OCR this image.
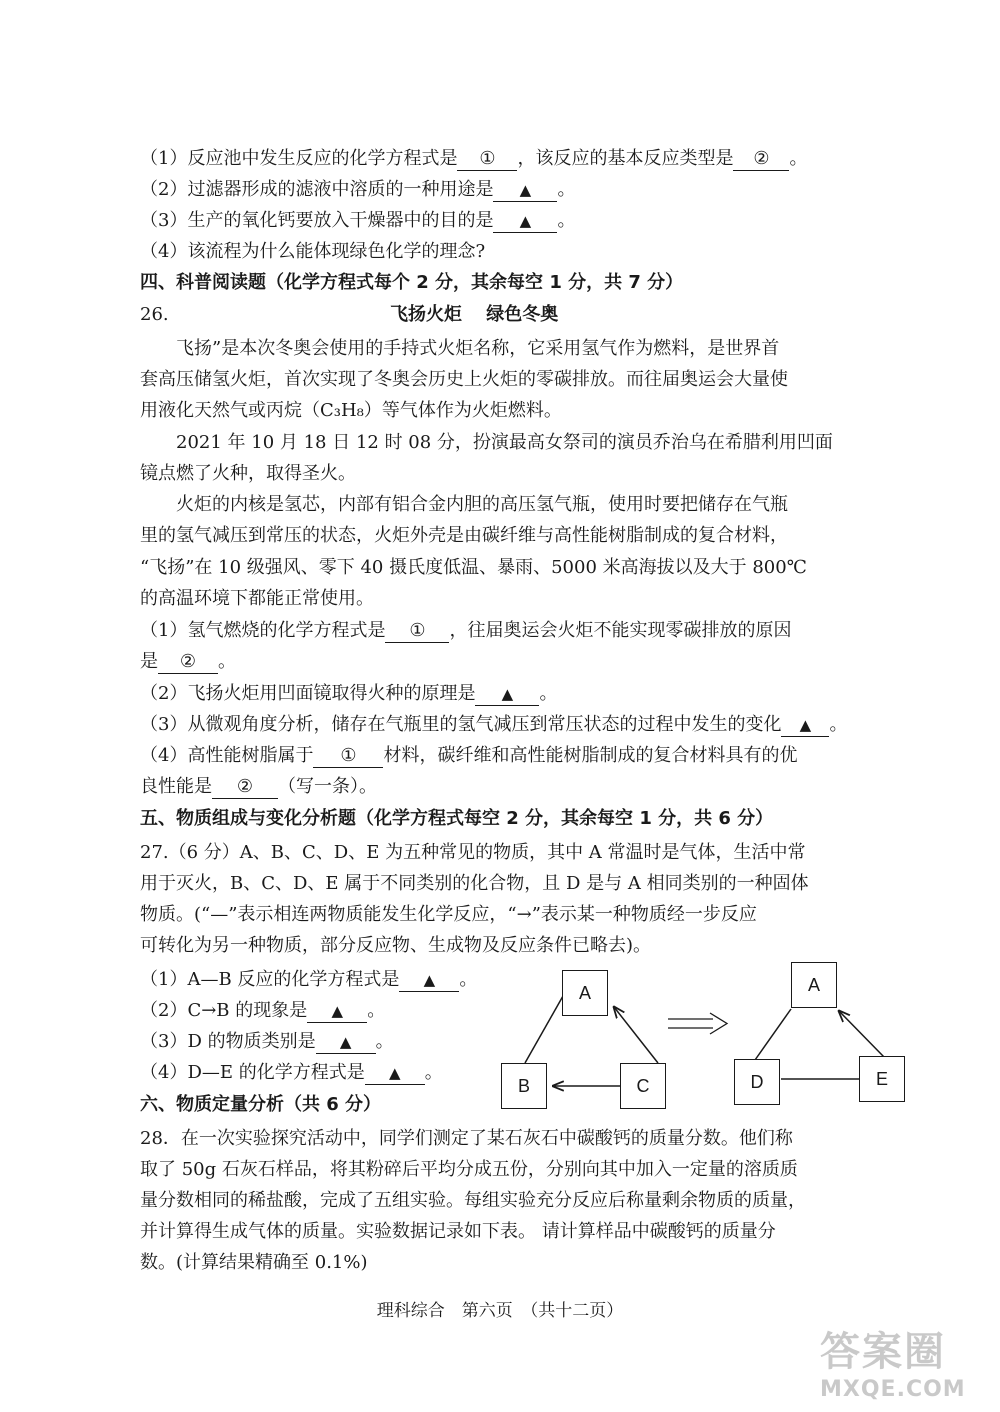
（1）反应池中发生反应的化学方程式是 ① ，该反应的基本反应类型是 ② 。
（2）过滤器形成的滤液中溶质的一种用途是 ▲ 。
（3）生产的氧化钙要放入干燥器中的目的是 ▲ 。
（4）该流程为什么能体现绿色化学的理念?
四、科普阅读题（化学方程式每个 2 分，其余每空 1 分，共 7 分）
26.	飞扬火炬　 绿色冬奥
飞扬”是本次冬奥会使用的手持式火炬名称，它采用氢气作为燃料，是世界首
套高压储氢火炬，首次实现了冬奥会历史上火炬的零碳排放。而往届奥运会大量使
用液化天然气或丙烷（C₃H₈）等气体作为火炬燃料。
2021 年 10 月 18 日 12 时 08 分，扮演最高女祭司的演员乔治乌在希腊利用凹面
镜点燃了火种，取得圣火。
火炬的内核是氢芯，内部有铝合金内胆的高压氢气瓶，使用时要把储存在气瓶
里的氢气减压到常压的状态，火炬外壳是由碳纤维与高性能树脂制成的复合材料，
“飞扬”在 10 级强风、零下 40 摄氏度低温、暴雨、5000 米高海拔以及大于 800℃
的高温环境下都能正常使用。
（1）氢气燃烧的化学方程式是 ① ，往届奥运会火炬不能实现零碳排放的原因
是 ② 。
（2）飞扬火炬用凹面镜取得火种的原理是 ▲ 。
（3）从微观角度分析，储存在气瓶里的氢气减压到常压状态的过程中发生的变化 ▲ 。
（4）高性能树脂属于 ① 材料，碳纤维和高性能树脂制成的复合材料具有的优
良性能是 ② （写一条）。
五、物质组成与变化分析题（化学方程式每空 2 分，其余每空 1 分，共 6 分）
27.（6 分）A、B、C、D、E 为五种常见的物质，其中 A 常温时是气体，生活中常
用于灭火，B、C、D、E 属于不同类别的化合物，且 D 是与 A 相同类别的一种固体
物质。(“—”表示相连两物质能发生化学反应，“→”表示某一种物质经一步反应
可转化为另一种物质，部分反应物、生成物及反应条件已略去)。
（1）A—B 反应的化学方程式是 ▲ 。
（2）C→B 的现象是 ▲ 。
（3）D 的物质类别是 ▲ 。
（4）D—E 的化学方程式是 ▲ 。
A
B	C
A
D	E
六、物质定量分析（共 6 分）
28．在一次实验探究活动中，同学们测定了某石灰石中碳酸钙的质量分数。他们称
取了 50g 石灰石样品，将其粉碎后平均分成五份，分别向其中加入一定量的溶质质
量分数相同的稀盐酸，完成了五组实验。每组实验充分反应后称量剩余物质的质量，
并计算得生成气体的质量。实验数据记录如下表。 请计算样品中碳酸钙的质量分
数。(计算结果精确至 0.1%)
理科综合　第六页　（共十二页）
答案圈
MXQE.COM
